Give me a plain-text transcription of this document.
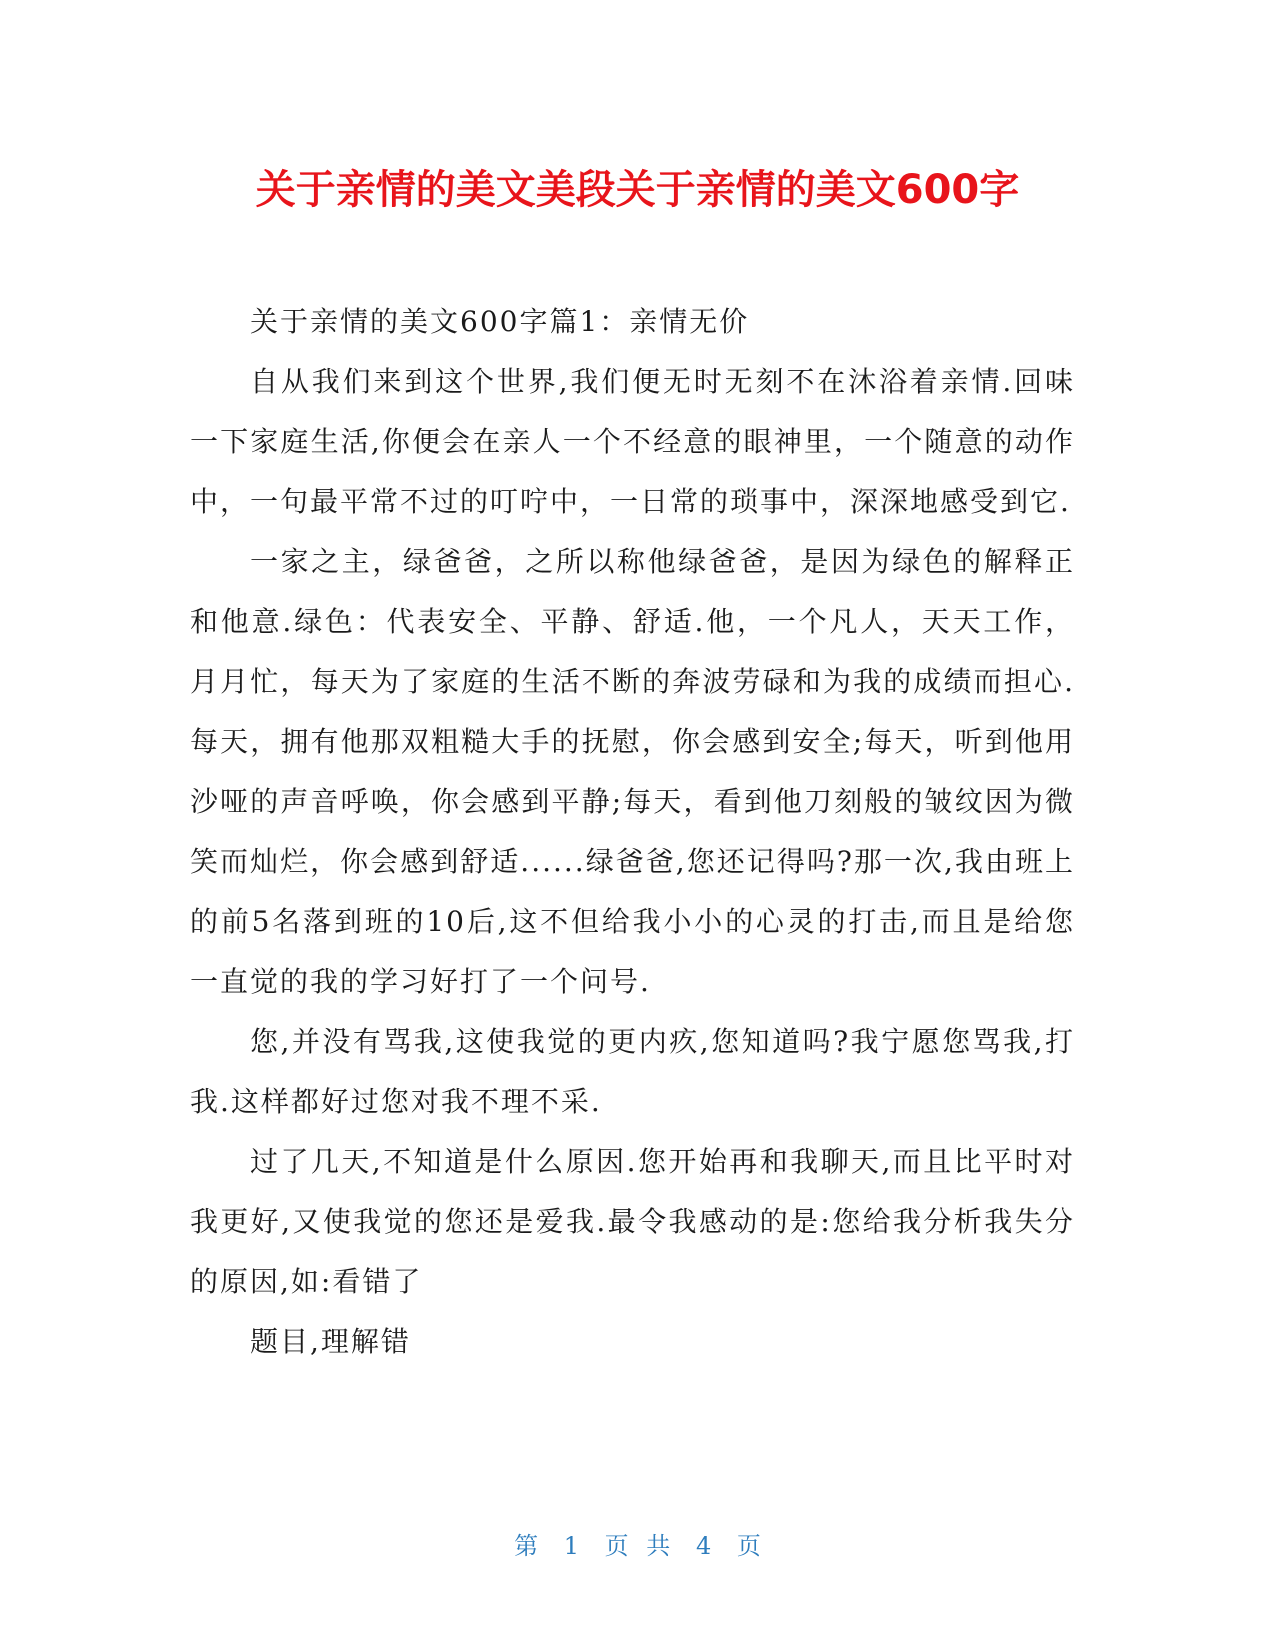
关于亲情的美文美段关于亲情的美文600字

关于亲情的美文600字篇1：亲情无价

自从我们来到这个世界,我们便无时无刻不在沐浴着亲情.回味一下家庭生活,你便会在亲人一个不经意的眼神里，一个随意的动作中，一句最平常不过的叮咛中，一日常的琐事中，深深地感受到它.

一家之主，绿爸爸，之所以称他绿爸爸，是因为绿色的解释正和他意.绿色：代表安全、平静、舒适.他，一个凡人，天天工作，月月忙，每天为了家庭的生活不断的奔波劳碌和为我的成绩而担心.每天，拥有他那双粗糙大手的抚慰，你会感到安全;每天，听到他用沙哑的声音呼唤，你会感到平静;每天，看到他刀刻般的皱纹因为微笑而灿烂，你会感到舒适......绿爸爸,您还记得吗?那一次,我由班上的前5名落到班的10后,这不但给我小小的心灵的打击,而且是给您一直觉的我的学习好打了一个问号.

您,并没有骂我,这使我觉的更内疚,您知道吗?我宁愿您骂我,打我.这样都好过您对我不理不采.

过了几天,不知道是什么原因.您开始再和我聊天,而且比平时对我更好,又使我觉的您还是爱我.最令我感动的是:您给我分析我失分的原因,如:看错了

题目,理解错

第 1 页 共 4 页
